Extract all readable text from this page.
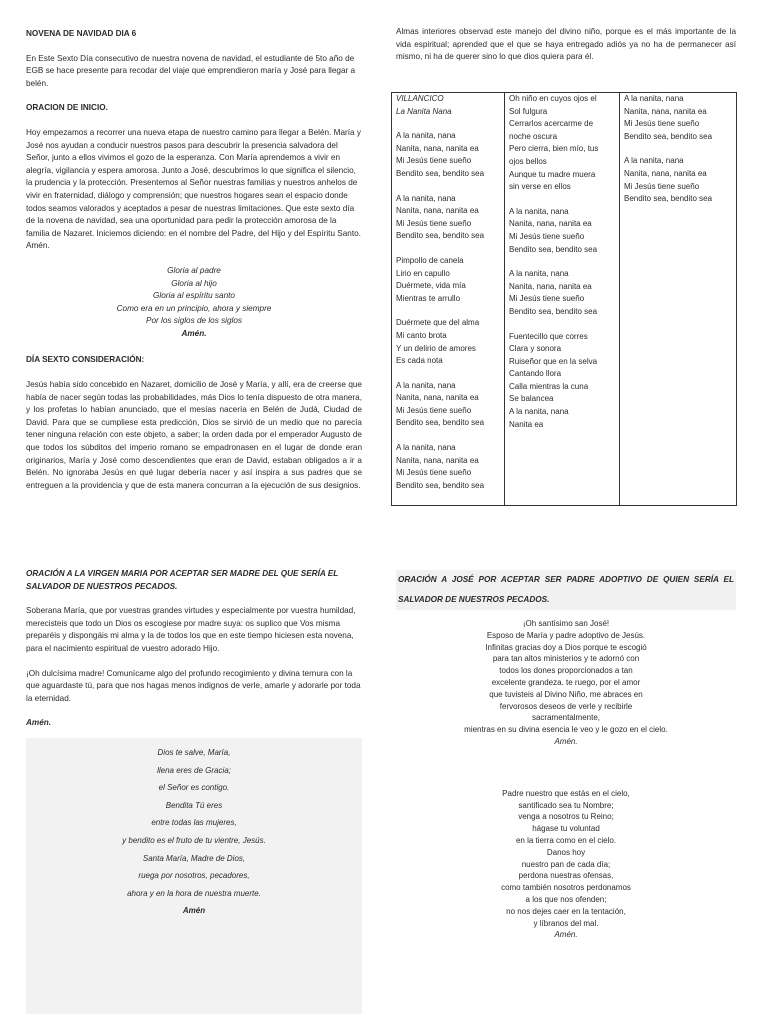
NOVENA DE NAVIDAD DIA 6

En Este Sexto Día consecutivo de nuestra novena de navidad, el estudiante de 5to año de EGB se hace presente para recodar del viaje que emprendieron maría y José para llegar a belén.

ORACION DE INICIO.

Hoy empezamos a recorrer una nueva etapa de nuestro camino para llegar a Belén. María y José nos ayudan a conducir nuestros pasos para descubrir la presencia salvadora del Señor, junto a ellos vivimos el gozo de la esperanza. Con María aprendemos a vivir en alegría, vigilancia y espera amorosa. Junto a José, descubrimos lo que significa el silencio, la prudencia y la protección. Presentemos al Señor nuestras familias y nuestros anhelos de vivir en fraternidad, diálogo y comprensión; que nuestros hogares sean el espacio donde todos seamos valorados y aceptados a pesar de nuestras limitaciones. Que este sexto día de la novena de navidad, sea una oportunidad para pedir la protección amorosa de la familia de Nazaret. Iniciemos diciendo: en el nombre del Padre, del Hijo y del Espíritu Santo. Amén.

Gloria al padre
Gloria al hijo
Gloria al espíritu santo
Como era en un principio, ahora y siempre
Por los siglos de los siglos
Amén.
DÍA SEXTO CONSIDERACIÓN:

Jesús había sido concebido en Nazaret, domicilio de José y María, y allí, era de creerse que había de nacer según todas las probabilidades, más Dios lo tenía dispuesto de otra manera, y los profetas lo habían anunciado, que el mesías nacería en Belén de Judá, Ciudad de David. Para que se cumpliese esta predicción, Dios se sirvió de un medio que no parecía tener ninguna relación con este objeto, a saber; la orden dada por el emperador Augusto de que todos los súbditos del imperio romano se empadronasen en el lugar de donde eran originarios, María y José como descendientes que eran de David, estaban obligados a ir a Belén. No ignoraba Jesús en qué lugar debería nacer y así inspira a sus padres que se entreguen a la providencia y que de esta manera concurran a la ejecución de sus designios.

Almas interiores observad este manejo del divino niño, porque es el más importante de la vida espiritual; aprended que el que se haya entregado adiós ya no ha de permanecer así mismo, ni ha de querer sino lo que dios quiera para él.

VILLANCICO
La Nanita Nana
A la nanita, nana
Nanita, nana, nanita ea
Mi Jesús tiene sueño
Bendito sea, bendito sea
A la nanita, nana
Nanita, nana, nanita ea
Mi Jesús tiene sueño
Bendito sea, bendito sea
Pimpollo de canela
Lirio en capullo
Duérmete, vida mía
Mientras te arrullo
Duérmete que del alma
Mi canto brota
Y un delirio de amores
Es cada nota
A la nanita, nana
Nanita, nana, nanita ea
Mi Jesús tiene sueño
Bendito sea, bendito sea
A la nanita, nana
Nanita, nana, nanita ea
Mi Jesús tiene sueño
Bendito sea, bendito sea

Oh niño en cuyos ojos el
Sol fulgura
Cerrarlos acercarme de
noche oscura
Pero cierra, bien mío, tus
ojos bellos
Aunque tu madre muera
sin verse en ellos
A la nanita, nana
Nanita, nana, nanita ea
Mi Jesús tiene sueño
Bendito sea, bendito sea
A la nanita, nana
Nanita, nana, nanita ea
Mi Jesús tiene sueño
Bendito sea, bendito sea
Fuentecillo que corres
Clara y sonora
Ruiseñor que en la selva
Cantando llora
Calla mientras la cuna
Se balancea
A la nanita, nana
Nanita ea

A la nanita, nana
Nanita, nana, nanita ea
Mi Jesús tiene sueño
Bendito sea, bendito sea
A la nanita, nana
Nanita, nana, nanita ea
Mi Jesús tiene sueño
Bendito sea, bendito sea
ORACIÓN A LA VIRGEN MARIA POR ACEPTAR SER MADRE DEL QUE SERÍA EL SALVADOR DE NUESTROS PECADOS.

Soberana María, que por vuestras grandes virtudes y especialmente por vuestra humildad, merecisteis que todo un Dios os escogiese por madre suya: os suplico que Vos misma preparéis y dispongáis mi alma y la de todos los que en este tiempo hiciesen esta novena, para el nacimiento espiritual de vuestro adorado Hijo.

¡Oh dulcísima madre! Comunícame algo del profundo recogimiento y divina ternura con la que aguardaste tú, para que nos hagas menos indignos de verle, amarle y adorarle por toda la eternidad.

Amén.
Dios te salve, María,
llena eres de Gracia;
el Señor es contigo.
Bendita Tú eres
entre todas las mujeres,
y bendito es el fruto de tu vientre, Jesús.
Santa María, Madre de Dios,
ruega por nosotros, pecadores,
ahora y en la hora de nuestra muerte.
Amén
ORACIÓN A JOSÉ POR ACEPTAR SER PADRE ADOPTIVO DE QUIEN SERÍA EL SALVADOR DE NUESTROS PECADOS.
¡Oh santísimo san José!
Esposo de María y padre adoptivo de Jesús.
Infinitas gracias doy a Dios porque te escogió
para tan altos ministerios y te adornó con
todos los dones proporcionados a tan
excelente grandeza. te ruego, por el amor
que tuvisteis al Divino Niño, me abraces en
fervorosos deseos de verle y recibirle
sacramentalmente,
mientras en su divina esencia le veo y le gozo en el cielo.
Amén.
Padre nuestro que estás en el cielo,
santificado sea tu Nombre;
venga a nosotros tu Reino;
hágase tu voluntad
en la tierra como en el cielo.
Danos hoy
nuestro pan de cada día;
perdona nuestras ofensas,
como también nosotros perdonamos
a los que nos ofenden;
no nos dejes caer en la tentación,
y líbranos del mal.
Amén.
